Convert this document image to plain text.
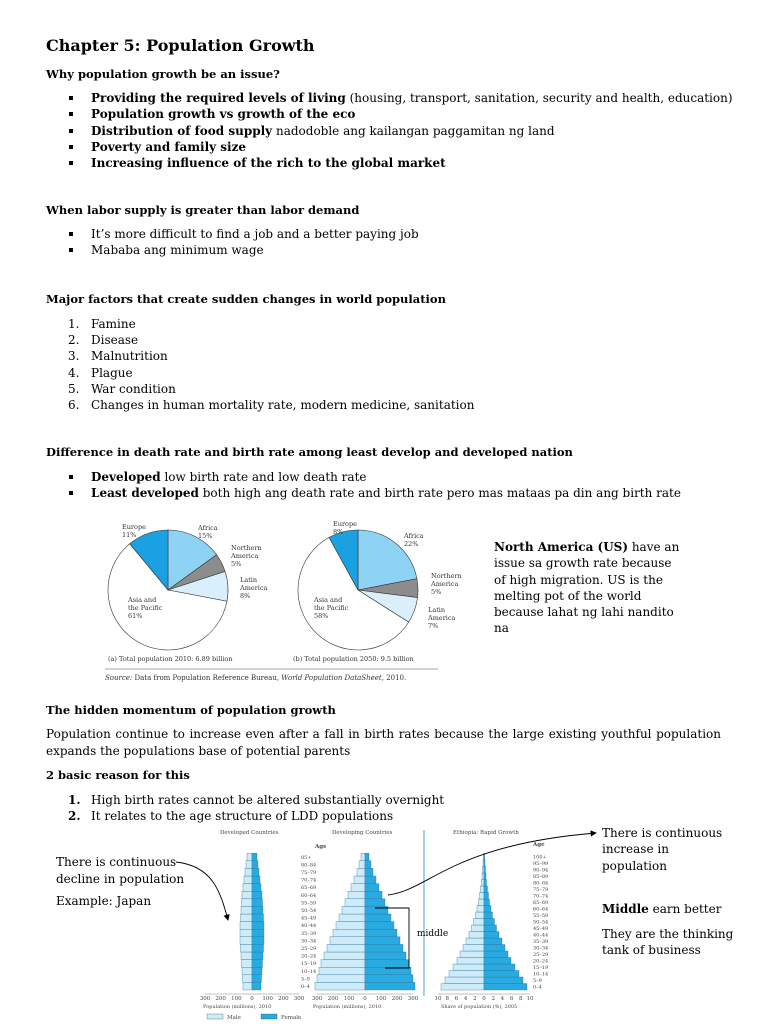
Chapter 5: Population Growth
Why population growth be an issue?
Providing the required levels of living (housing, transport, sanitation, security and health, education)
Population growth vs growth of the eco
Distribution of food supply nadodoble ang kailangan paggamitan ng land
Poverty and family size
Increasing influence of the rich to the global market
When labor supply is greater than labor demand
It’s more difficult to find a job and a better paying job
Mababa ang minimum wage
Major factors that create sudden changes in world population
1. Famine
2. Disease
3. Malnutrition
4. Plague
5. War condition
6. Changes in human mortality rate, modern medicine, sanitation
Difference in death rate and birth rate among least develop and developed nation
Developed low birth rate and low death rate
Least developed both high ang death rate and birth rate pero mas mataas pa din ang birth rate
Europe
11%
Africa
15%
Northern
America
5%
Latin
America
8%
Asia and
the Pacific
61%
Europe
8%	Africa
22%
Northern
America
5%
Latin
America
7%
Asia and
the Pacific
58%
(a) Total population 2010: 6.89 billion	(b) Total population 2050: 9.5 billion
Source: Data from Population Reference Bureau, World Population DataSheet, 2010.
North America (US) have an
issue sa growth rate because
of high migration. US is the
melting pot of the world
because lahat ng lahi nandito
na
The hidden momentum of population growth
Population continue to increase even after a fall in birth rates because the large existing youthful population expands the populations base of potential parents
2 basic reason for this
1. High birth rates cannot be altered substantially overnight
2. It relates to the age structure of LDD populations
Developed Countries	Developing Countries	Ethiopia: Rapid Growth
Age	Age
85+
80–84
75–79
70–74
65–69
60–64
55–59
50–54
45–49
40–44
35–39
30–34
25–29
20–24
15–19
10–14
5–9
0–4
100+
95–99
90–94
85–89
80–84
75–79
70–74
65–69
60–64
55–59
50–54
45–49
40–44
35–39
30–34
25–29
20–24
15–19
10–14
5–9
0–4
300 200 100 0 100 200 300 300 200 100 0 100 200 300	10 8 6 4 2 0 2 4 6 8 10
Population (millions), 2010	Population (millions), 2010	Share of population (%), 2005
Male	Female
middle
There is continuous
decline in population
Example: Japan
There is continuous
increase in
population
Middle earn better
They are the thinking
tank of business
